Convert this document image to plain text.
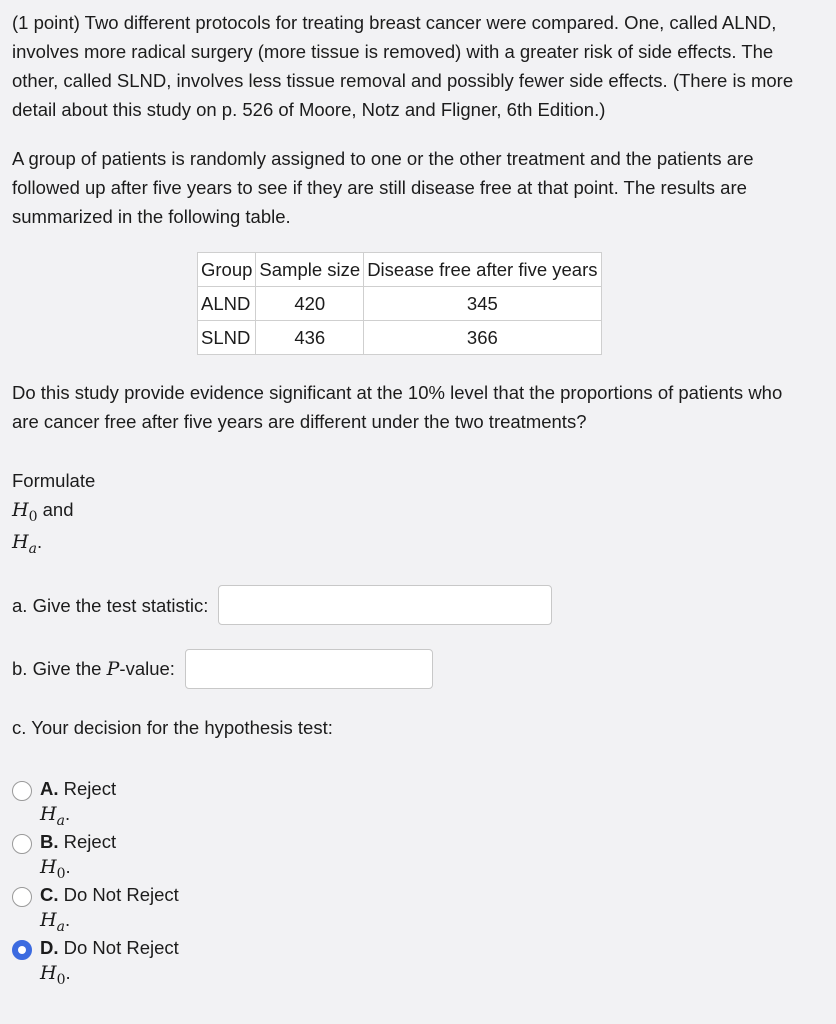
(1 point) Two different protocols for treating breast cancer were compared. One, called ALND, involves more radical surgery (more tissue is removed) with a greater risk of side effects. The other, called SLND, involves less tissue removal and possibly fewer side effects. (There is more detail about this study on p. 526 of Moore, Notz and Fligner, 6th Edition.)

A group of patients is randomly assigned to one or the other treatment and the patients are followed up after five years to see if they are still disease free at that point. The results are summarized in the following table.

Group	Sample size	Disease free after five years
ALND	420	345
SLND	436	366

Do this study provide evidence significant at the 10% level that the proportions of patients who are cancer free after five years are different under the two treatments?

Formulate
$H_0$ and
$H_a$.
a. Give the test statistic:
b. Give the P-value:
c. Your decision for the hypothesis test:
A. Reject
$H_a$.
B. Reject
$H_0$.
C. Do Not Reject
$H_a$.
D. Do Not Reject
$H_0$.
